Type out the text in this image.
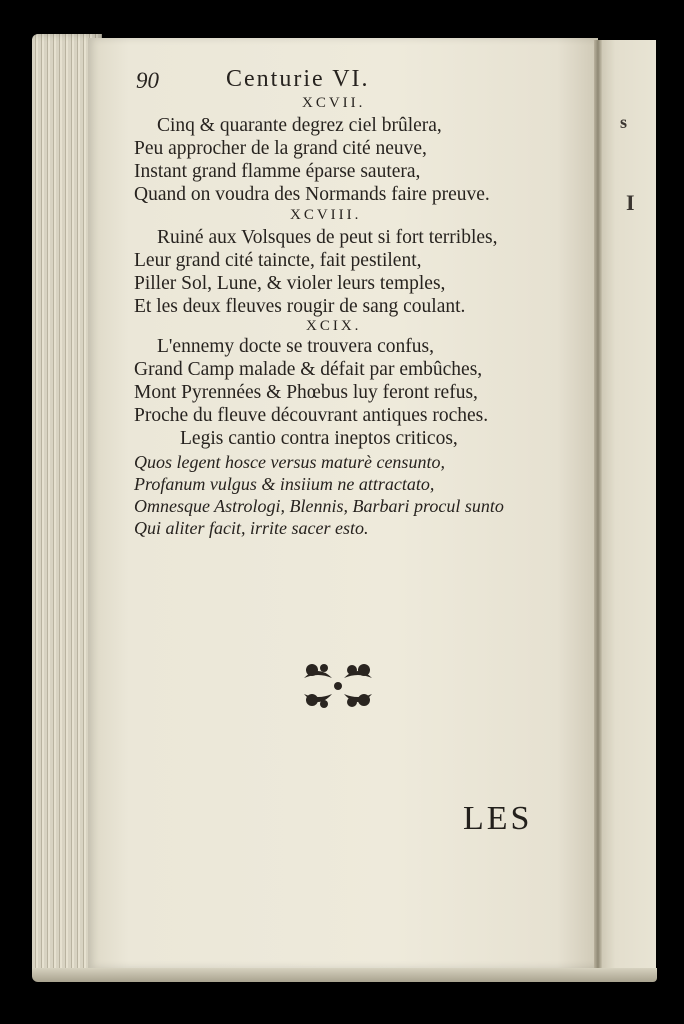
s
I
90	Centurie VI.
XCVII.
Cinq & quarante degrez ciel brûlera,
Peu approcher de la grand cité neuve,
Instant grand flamme éparse sautera,
Quand on voudra des Normands faire preuve.
XCVIII.
Ruiné aux Volsques de peut si fort terribles,
Leur grand cité taincte, fait pestilent,
Piller Sol, Lune, & violer leurs temples,
Et les deux fleuves rougir de sang coulant.
XCIX.
L'ennemy docte se trouvera confus,
Grand Camp malade & défait par embûches,
Mont Pyrennées & Phœbus luy feront refus,
Proche du fleuve découvrant antiques roches.
Legis cantio contra ineptos criticos,
Quos legent hosce versus maturè censunto,
Profanum vulgus & insiium ne attractato,
Omnesque Astrologi, Blennis, Barbari procul sunto
Qui aliter facit, irrite sacer esto.
LES
